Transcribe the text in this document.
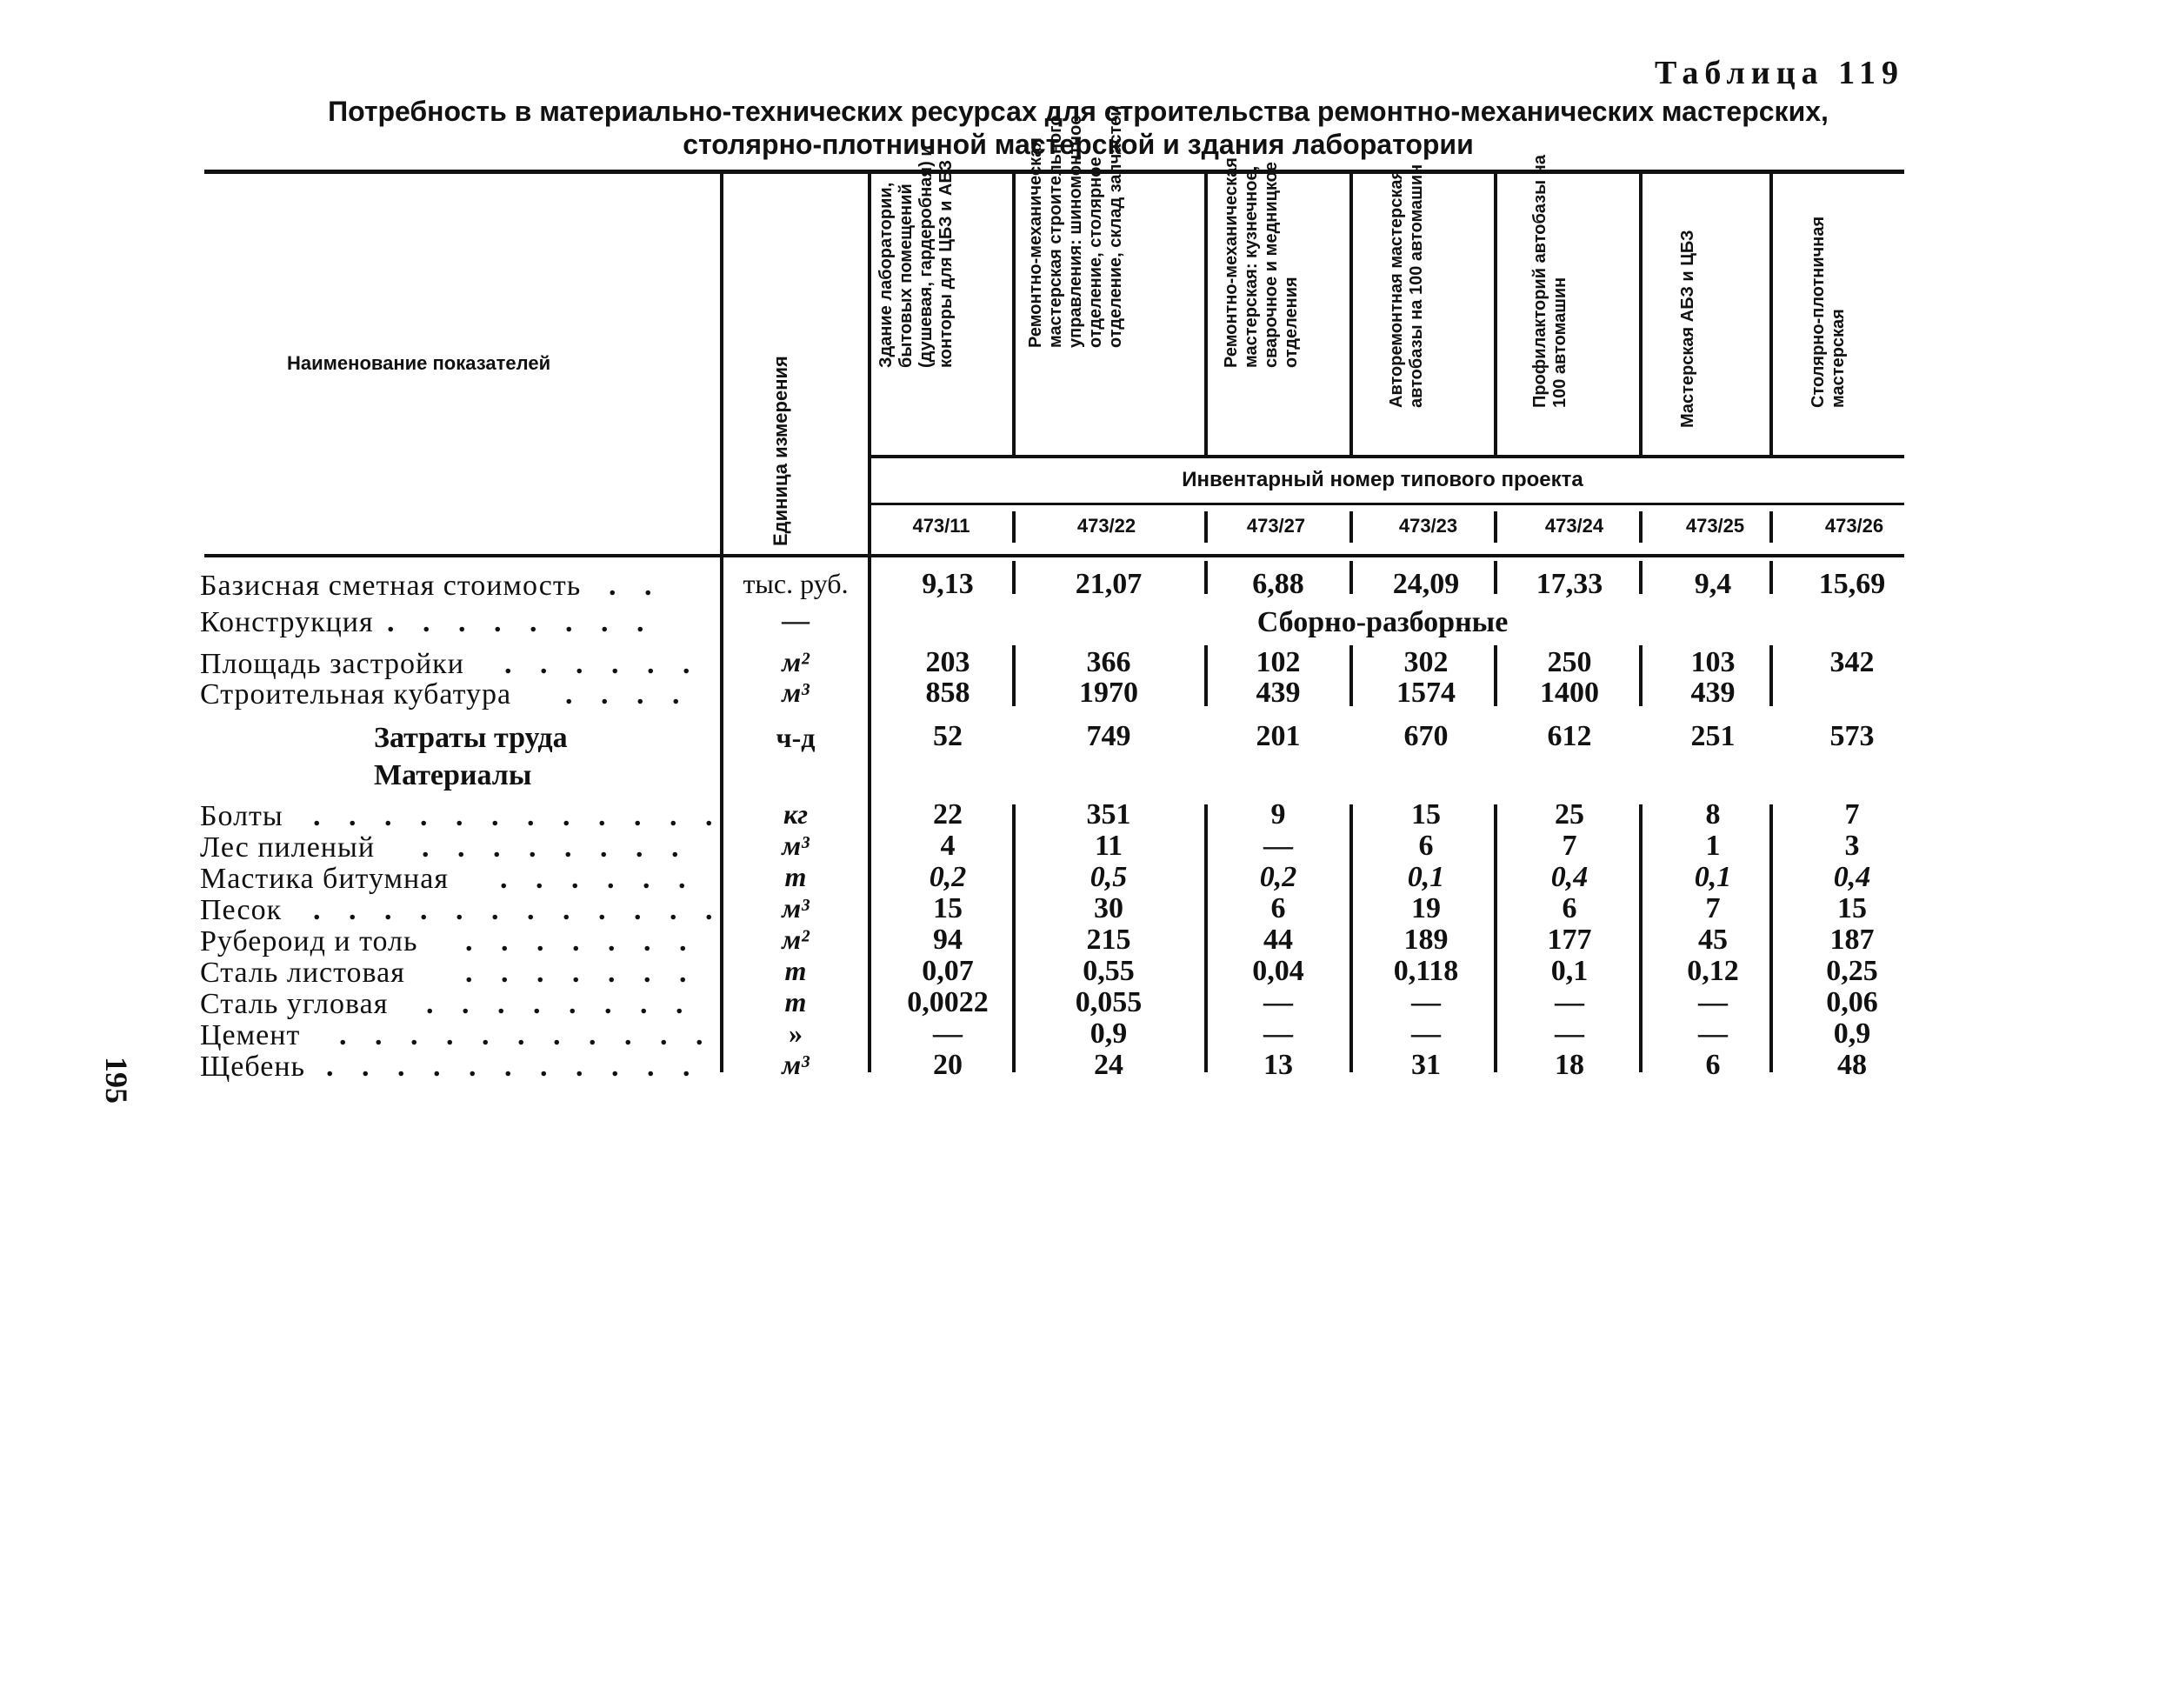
Таблица 119
Потребность в материально-технических ресурсах для строительства ремонтно-механических мастерских,
столярно-плотничной мастерской и здания лаборатории
Наименование показателей	Единица измерения
Здание лаборатории, бытовых помещений (душевая, гардеробная) и конторы для ЦБЗ и АБЗ	Ремонтно-механическая мастерская строительного управления: шиномонтное отделение, столярное отделение, склад запчастей	Ремонтно-механическая мастерская: кузнечное, сварочное и медницкое отделения	Авторемонтная мастерская автобазы на 100 автомашин	Профилакторий автобазы на 100 автомашин	Мастерская АБЗ и ЦБЗ	Столярно-плотничная мастерская
Инвентарный номер типового проекта
473/11	473/22	473/27	473/23	473/24	473/25	473/26
Базисная сметная стоимость . .	тыс. руб.	9,13	21,07	6,88	24,09	17,33	9,4	15,69
Конструкция . . . . . . . .	—	Сборно-разборные
Площадь застройки . . . . . .	м²	203	366	102	302	250	103	342
Строительная кубатура . . . .	м³	858	1970	439	1574	1400	439
Затраты труда	ч-д	52	749	201	670	612	251	573
Материалы
Болты . . . . . . . . . . . .	кг	22	351	9	15	25	8	7
Лес пиленый . . . . . . . .	м³	4	11	—	6	7	1	3
Мастика битумная . . . . . .	т	0,2	0,5	0,2	0,1	0,4	0,1	0,4
Песок . . . . . . . . . . . .	м³	15	30	6	19	6	7	15
Рубероид и толь . . . . . . .	м²	94	215	44	189	177	45	187
Сталь листовая . . . . . . .	т	0,07	0,55	0,04	0,118	0,1	0,12	0,25
Сталь угловая . . . . . . . .	т	0,0022	0,055	—	—	—	—	0,06
Цемент . . . . . . . . . . .	»	—	0,9	—	—	—	—	0,9
Щебень . . . . . . . . . . .	м³	20	24	13	31	18	6	48
195
